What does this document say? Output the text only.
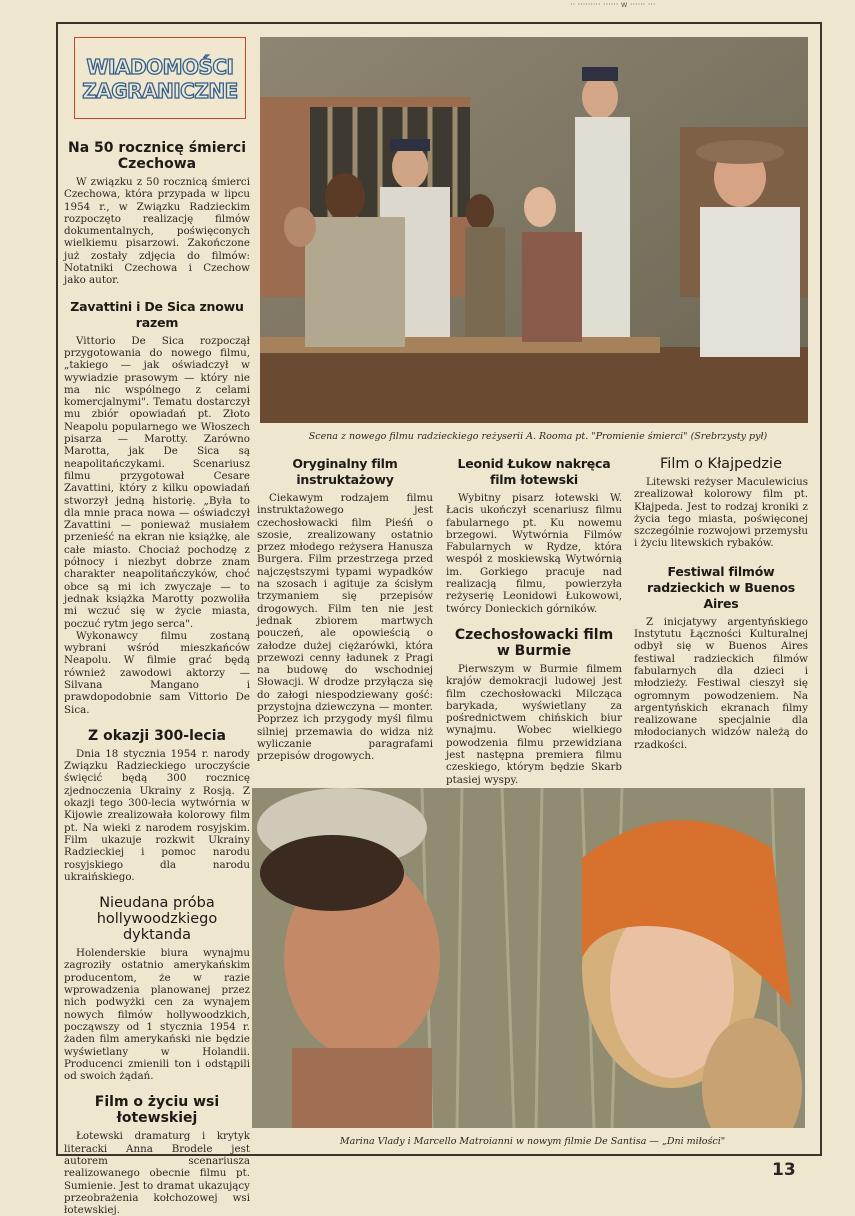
·· ········· ······ w ······ ···
WIADOMOŚCI
ZAGRANICZNE
Na 50 rocznicę śmierci Czechowa

W związku z 50 rocznicą śmierci Czechowa, która przypada w lipcu 1954 r., w Związku Radzieckim rozpoczęto realizację filmów dokumentalnych, poświęconych wielkiemu pisarzowi. Zakończone już zostały zdjęcia do filmów: Notatniki Czechowa i Czechow jako autor.

Zavattini i De Sica znowu razem

Vittorio De Sica rozpoczął przygotowania do nowego filmu, „takiego — jak oświadczył w wywiadzie prasowym — który nie ma nic wspólnego z celami komercjalnymi". Tematu dostarczył mu zbiór opowiadań pt. Złoto Neapolu popularnego we Włoszech pisarza — Marotty. Zarówno Marotta, jak De Sica są neapolitańczykami. Scenariusz filmu przygotował Cesare Zavattini, który z kilku opowiadań stworzył jedną historię. „Była to dla mnie praca nowa — oświadczył Zavattini — ponieważ musiałem przenieść na ekran nie książkę, ale całe miasto. Chociaż pochodzę z północy i niezbyt dobrze znam charakter neapolitańczyków, choć obce są mi ich zwyczaje — to jednak książka Marotty pozwoliła mi wczuć się w życie miasta, poczuć rytm jego serca".

Wykonawcy filmu zostaną wybrani wśród mieszkańców Neapolu. W filmie grać będą również zawodowi aktorzy — Silvana Mangano i prawdopodobnie sam Vittorio De Sica.

Z okazji 300-lecia

Dnia 18 stycznia 1954 r. narody Związku Radzieckiego uroczyście święcić będą 300 rocznicę zjednoczenia Ukrainy z Rosją. Z okazji tego 300-lecia wytwórnia w Kijowie zrealizowała kolorowy film pt. Na wieki z narodem rosyjskim. Film ukazuje rozkwit Ukrainy Radzieckiej i pomoc narodu rosyjskiego dla narodu ukraińskiego.

Nieudana próba hollywoodzkiego dyktanda

Holenderskie biura wynajmu zagroziły ostatnio amerykańskim producentom, że w razie wprowadzenia planowanej przez nich podwyżki cen za wynajem nowych filmów hollywoodzkich, począwszy od 1 stycznia 1954 r. żaden film amerykański nie będzie wyświetlany w Holandii. Producenci zmienili ton i odstąpili od swoich żądań.

Film o życiu wsi łotewskiej

Łotewski dramaturg i krytyk literacki Anna Brodele jest autorem scenariusza realizowanego obecnie filmu pt. Sumienie. Jest to dramat ukazujący przeobrażenia kołchozowej wsi łotewskiej.

Scena z nowego filmu radzieckiego reżyserii A. Rooma pt. "Promienie śmierci" (Srebrzysty pył)
Oryginalny film instruktażowy

Ciekawym rodzajem filmu instruktażowego jest czechosłowacki film Pieśń o szosie, zrealizowany ostatnio przez młodego reżysera Hanusza Burgera. Film przestrzega przed najczęstszymi typami wypadków na szosach i agituje za ścisłym trzymaniem się przepisów drogowych. Film ten nie jest jednak zbiorem martwych pouczeń, ale opowieścią o załodze dużej ciężarówki, która przewozi cenny ładunek z Pragi na budowę do wschodniej Słowacji. W drodze przyłącza się do załogi niespodziewany gość: przystojna dziewczyna — monter. Poprzez ich przygody myśl filmu silniej przemawia do widza niż wyliczanie paragrafami przepisów drogowych.

Leonid Łukow nakręca film łotewski

Wybitny pisarz łotewski W. Łacis ukończył scenariusz filmu fabularnego pt. Ku nowemu brzegowi. Wytwórnia Filmów Fabularnych w Rydze, która wespół z moskiewską Wytwórnią im. Gorkiego pracuje nad realizacją filmu, powierzyła reżyserię Leonidowi Łukowowi, twórcy Donieckich górników.

Czechosłowacki film w Burmie

Pierwszym w Burmie filmem krajów demokracji ludowej jest film czechosłowacki Milcząca barykada, wyświetlany za pośrednictwem chińskich biur wynajmu. Wobec wielkiego powodzenia filmu przewidziana jest następna premiera filmu czeskiego, którym będzie Skarb ptasiej wyspy.

Film o Kłajpedzie

Litewski reżyser Maculewicius zrealizował kolorowy film pt. Kłajpeda. Jest to rodzaj kroniki z życia tego miasta, poświęconej szczególnie rozwojowi przemysłu i życiu litewskich rybaków.

Festiwal filmów radzieckich w Buenos Aires

Z inicjatywy argentyńskiego Instytutu Łączności Kulturalnej odbył się w Buenos Aires festiwal radzieckich filmów fabularnych dla dzieci i młodzieży. Festiwal cieszył się ogromnym powodzeniem. Na argentyńskich ekranach filmy realizowane specjalnie dla młodocianych widzów należą do rzadkości.

Marina Vlady i Marcello Matroianni w nowym filmie De Santisa — „Dni miłości"
13
